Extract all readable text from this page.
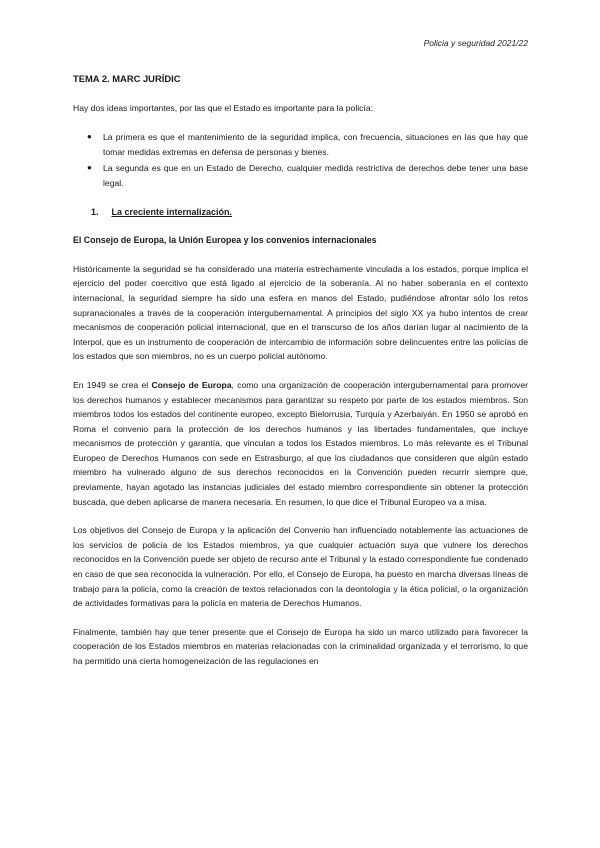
Policia y seguridad 2021/22
TEMA 2. MARC JURÍDIC

Hay dos ideas importantes, por las que el Estado es importante para la policía:

● La primera es que el mantenimiento de la seguridad implica, con frecuencia, situaciones en las que hay que tomar medidas extremas en defensa de personas y bienes.
● La segunda es que en un Estado de Derecho, cualquier medida restrictiva de derechos debe tener una base legal.
1. La creciente internalización.
El Consejo de Europa, la Unión Europea y los convenios internacionales

Históricamente la seguridad se ha considerado una materia estrechamente vinculada a los estados, porque implica el ejercicio del poder coercitivo que está ligado al ejercicio de la soberanía. Al no haber soberanía en el contexto internacional, la seguridad siempre ha sido una esfera en manos del Estado, pudiéndose afrontar sólo los retos supranacionales a través de la cooperación intergubernamental. A principios del siglo XX ya hubo intentos de crear mecanismos de cooperación policial internacional, que en el transcurso de los años darían lugar al nacimiento de la Interpol, que es un instrumento de cooperación de intercambio de información sobre delincuentes entre las policías de los estados que son miembros, no es un cuerpo policial autónomo.

En 1949 se crea el Consejo de Europa, como una organización de cooperación intergubernamental para promover los derechos humanos y establecer mecanismos para garantizar su respeto por parte de los estados miembros. Son miembros todos los estados del continente europeo, excepto Bielorrusia, Turquía y Azerbaiyán. En 1950 se aprobó en Roma el convenio para la protección de los derechos humanos y las libertades fundamentales, que incluye mecanismos de protección y garantía, que vinculan a todos los Estados miembros. Lo más relevante es el Tribunal Europeo de Derechos Humanos con sede en Estrasburgo, al que los ciudadanos que consideren que algún estado miembro ha vulnerado alguno de sus derechos reconocidos en la Convención pueden recurrir siempre que, previamente, hayan agotado las instancias judiciales del estado miembro correspondiente sin obtener la protección buscada, que deben aplicarse de manera necesaria. En resumen, lo que dice el Tribunal Europeo va a misa.

Los objetivos del Consejo de Europa y la aplicación del Convenio han influenciado notablemente las actuaciones de los servicios de policía de los Estados miembros, ya que cualquier actuación suya que vulnere los derechos reconocidos en la Convención puede ser objeto de recurso ante el Tribunal y la estado correspondiente fue condenado en caso de que sea reconocida la vulneración. Por ello, el Consejo de Europa, ha puesto en marcha diversas líneas de trabajo para la policía, como la creación de textos relacionados con la deontología y la ética policial, o la organización de actividades formativas para la policía en materia de Derechos Humanos.

Finalmente, también hay que tener presente que el Consejo de Europa ha sido un marco utilizado para favorecer la cooperación de los Estados miembros en materias relacionadas con la criminalidad organizada y el terrorismo, lo que ha permitido una cierta homogeneización de las regulaciones en
